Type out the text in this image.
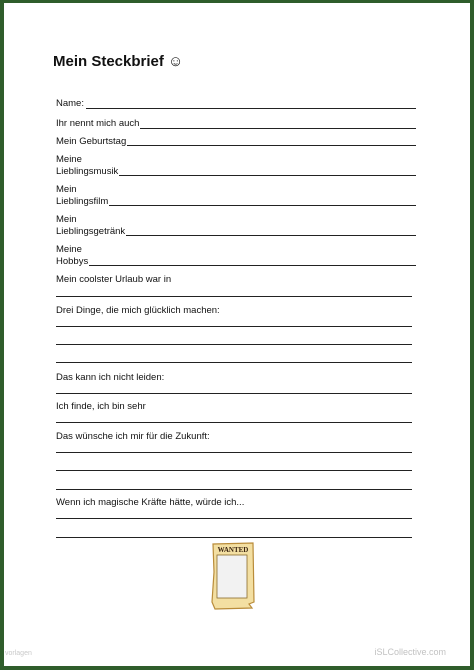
Mein Steckbrief ☺
Name:
Ihr nennt mich auch
Mein Geburtstag
Meine
Lieblingsmusik
Mein
Lieblingsfilm
Mein
Lieblingsgetränk
Meine
Hobbys
Mein coolster Urlaub war in
Drei Dinge, die mich glücklich machen:
Das kann ich nicht leiden:
Ich finde, ich bin sehr
Das wünsche ich mir für die Zukunft:
Wenn ich magische Kräfte hätte, würde ich...
WANTED
vorlagen	iSLCollective.com
